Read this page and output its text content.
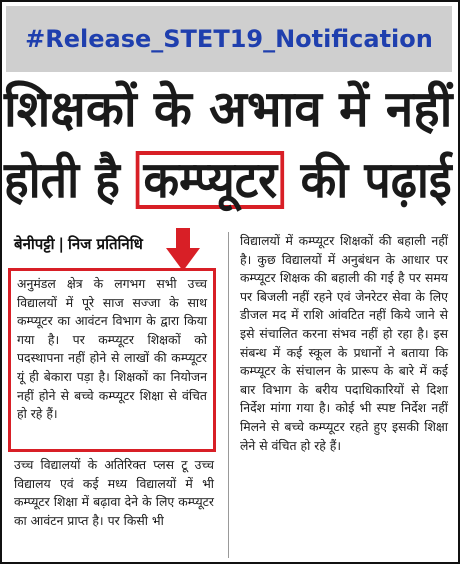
#Release_STET19_Notification
शिक्षकों के अभाव में नहीं
होती है कम्प्यूटर की पढ़ाई
बेनीपट्टी | निज प्रतिनिधि

अनुमंडल क्षेत्र के लगभग सभी उच्च विद्यालयों में पूरे साज सज्जा के साथ कम्प्यूटर का आवंटन विभाग के द्वारा किया गया है। पर कम्प्यूटर शिक्षकों को पदस्थापना नहीं होने से लाखों की कम्प्यूटर यूं ही बेकारा पड़ा है। शिक्षकों का नियोजन नहीं होने से बच्चे कम्प्यूटर शिक्षा से वंचित हो रहे हैं।

उच्च विद्यालयों के अतिरिक्त प्लस टू उच्च विद्यालय एवं कई मध्य विद्यालयों में भी कम्प्यूटर शिक्षा में बढ़ावा देने के लिए कम्प्यूटर का आवंटन प्राप्त है। पर किसी भी

विद्यालयों में कम्प्यूटर शिक्षकों की बहाली नहीं है। कुछ विद्यालयों में अनुबंधन के आधार पर कम्प्यूटर शिक्षक की बहाली की गई है पर समय पर बिजली नहीं रहने एवं जेनरेटर सेवा के लिए डीजल मद में राशि आंवटित नहीं किये जाने से इसे संचालित करना संभव नहीं हो रहा है। इस संबन्ध में कई स्कूल के प्रधानों ने बताया कि कम्प्यूटर के संचालन के प्रारूप के बारे में कई बार विभाग के बरीय पदाधिकारियों से दिशा निर्देश मांगा गया है। कोई भी स्पष्ट निर्देश नहीं मिलने से बच्चे कम्प्यूटर रहते हुए इसकी शिक्षा लेने से वंचित हो रहे हैं।
